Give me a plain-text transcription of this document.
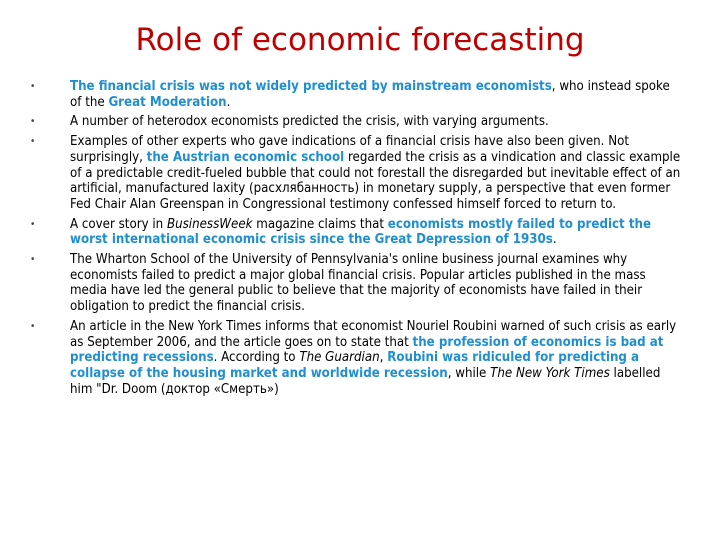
Role of economic forecasting
•	The financial crisis was not widely predicted by mainstream economists, who instead spoke of the Great Moderation.
•	A number of heterodox economists predicted the crisis, with varying arguments.
•	Examples of other experts who gave indications of a financial crisis have also been given. Not surprisingly, the Austrian economic school regarded the crisis as a vindication and classic example of a predictable credit-fueled bubble that could not forestall the disregarded but inevitable effect of an artificial, manufactured laxity (расхлябанность) in monetary supply, a perspective that even former Fed Chair Alan Greenspan in Congressional testimony confessed himself forced to return to.
•	A cover story in BusinessWeek magazine claims that economists mostly failed to predict the worst international economic crisis since the Great Depression of 1930s.
•	The Wharton School of the University of Pennsylvania's online business journal examines why economists failed to predict a major global financial crisis. Popular articles published in the mass media have led the general public to believe that the majority of economists have failed in their obligation to predict the financial crisis.
•	An article in the New York Times informs that economist Nouriel Roubini warned of such crisis as early as September 2006, and the article goes on to state that the profession of economics is bad at predicting recessions. According to The Guardian, Roubini was ridiculed for predicting a collapse of the housing market and worldwide recession, while The New York Times labelled him "Dr. Doom (доктор «Смерть»)
